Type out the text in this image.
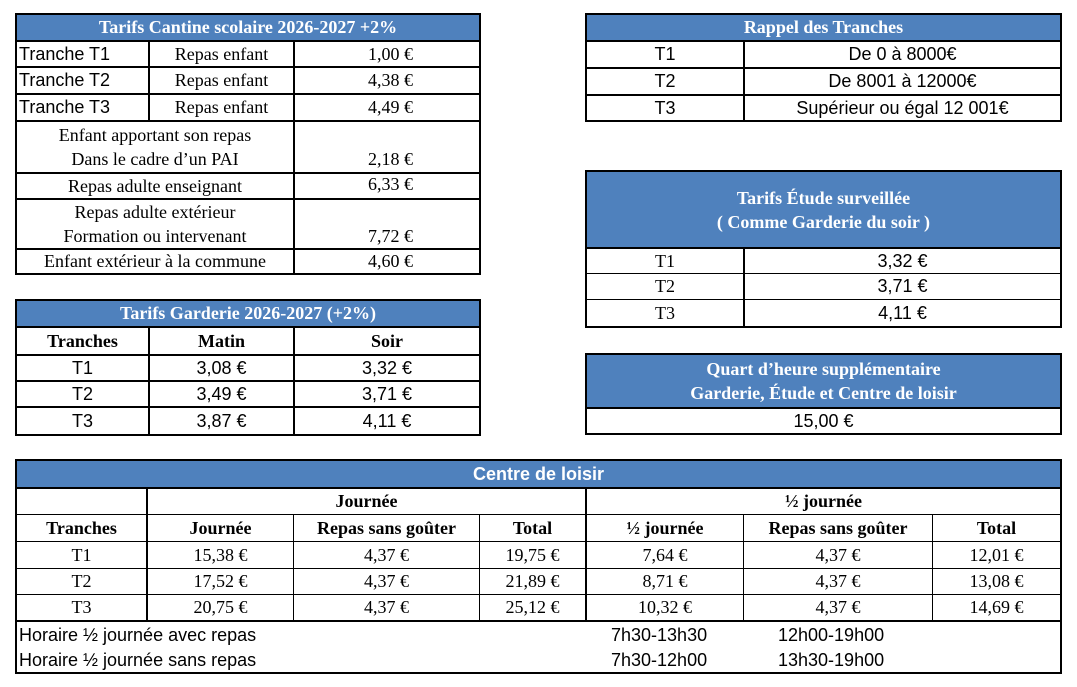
Tarifs Cantine scolaire 2026-2027 +2%
Tranche T1	Repas enfant	1,00 €
Tranche T2	Repas enfant	4,38 €
Tranche T3	Repas enfant	4,49 €
Enfant apportant son repas
Dans le cadre d’un PAI	2,18 €
Repas adulte enseignant	6,33 €
Repas adulte extérieur
Formation ou intervenant	7,72 €
Enfant extérieur à la commune	4,60 €
Tarifs Garderie 2026-2027 (+2%)
Tranches	Matin	Soir
T1	3,08 €	3,32 €
T2	3,49 €	3,71 €
T3	3,87 €	4,11 €
Rappel des Tranches
T1	De 0 à 8000€
T2	De 8001 à 12000€
T3	Supérieur ou égal 12 001€
Tarifs Étude surveillée
( Comme Garderie du soir )
T1	3,32 €
T2	3,71 €
T3	4,11 €
Quart d’heure supplémentaire
Garderie, Étude et Centre de loisir
15,00 €
Centre de loisir
Journée	½ journée
Tranches	Journée	Repas sans goûter	Total	½ journée	Repas sans goûter	Total
T1	15,38 €	4,37 €	19,75 €	7,64 €	4,37 €	12,01 €
T2	17,52 €	4,37 €	21,89 €	8,71 €	4,37 €	13,08 €
T3	20,75 €	4,37 €	25,12 €	10,32 €	4,37 €	14,69 €
Horaire ½ journée avec repas	7h30-13h30	12h00-19h00
Horaire ½ journée sans repas	7h30-12h00	13h30-19h00
